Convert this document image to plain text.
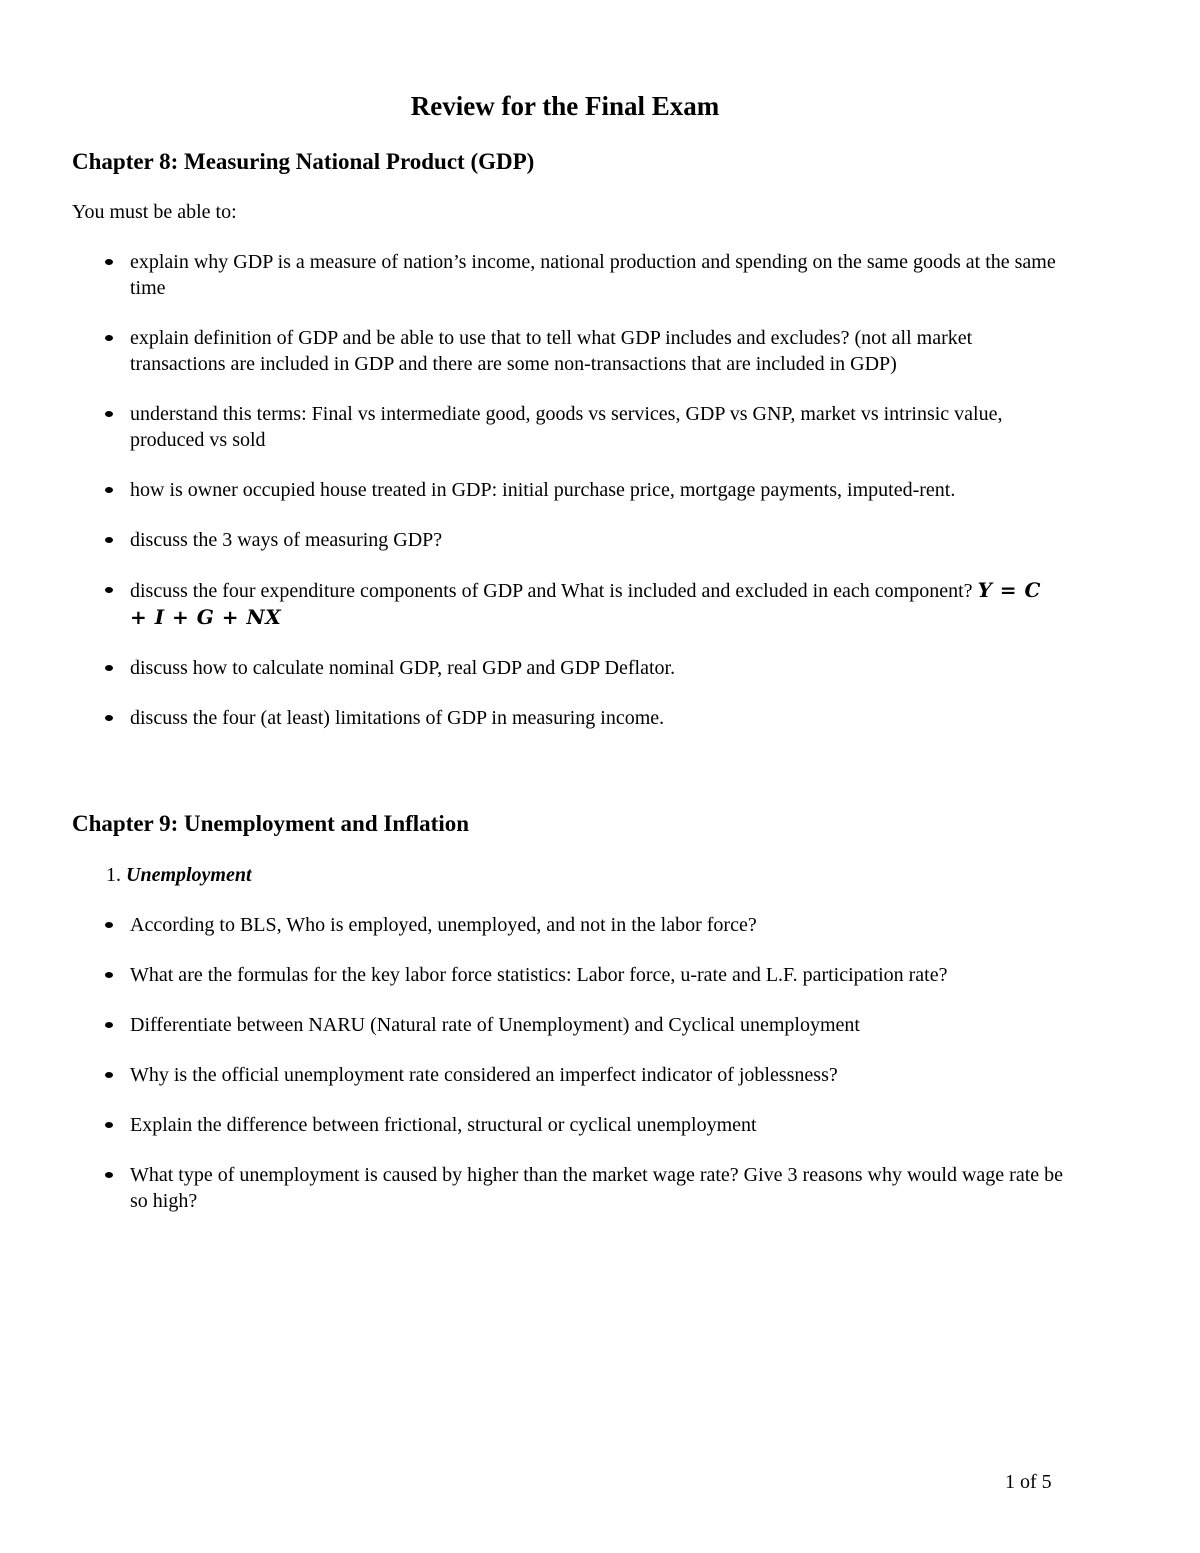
Review for the Final Exam
Chapter 8: Measuring National Product (GDP)

You must be able to:

explain why GDP is a measure of nation’s income, national production and spending on the same goods at the same time
explain definition of GDP and be able to use that to tell what GDP includes and excludes? (not all market transactions are included in GDP and there are some non-transactions that are included in GDP)
understand this terms: Final vs intermediate good, goods vs services, GDP vs GNP, market vs intrinsic value, produced vs sold
how is owner occupied house treated in GDP: initial purchase price, mortgage payments, imputed-rent.
discuss the 3 ways of measuring GDP?
discuss the four expenditure components of GDP and What is included and excluded in each component? Y = C + I + G + NX
discuss how to calculate nominal GDP, real GDP and GDP Deflator.
discuss the four (at least) limitations of GDP in measuring income.
Chapter 9: Unemployment and Inflation

1. Unemployment

According to BLS, Who is employed, unemployed, and not in the labor force?
What are the formulas for the key labor force statistics: Labor force, u-rate and L.F. participation rate?
Differentiate between NARU (Natural rate of Unemployment) and Cyclical unemployment
Why is the official unemployment rate considered an imperfect indicator of joblessness?
Explain the difference between frictional, structural or cyclical unemployment
What type of unemployment is caused by higher than the market wage rate? Give 3 reasons why would wage rate be so high?
1 of 5
